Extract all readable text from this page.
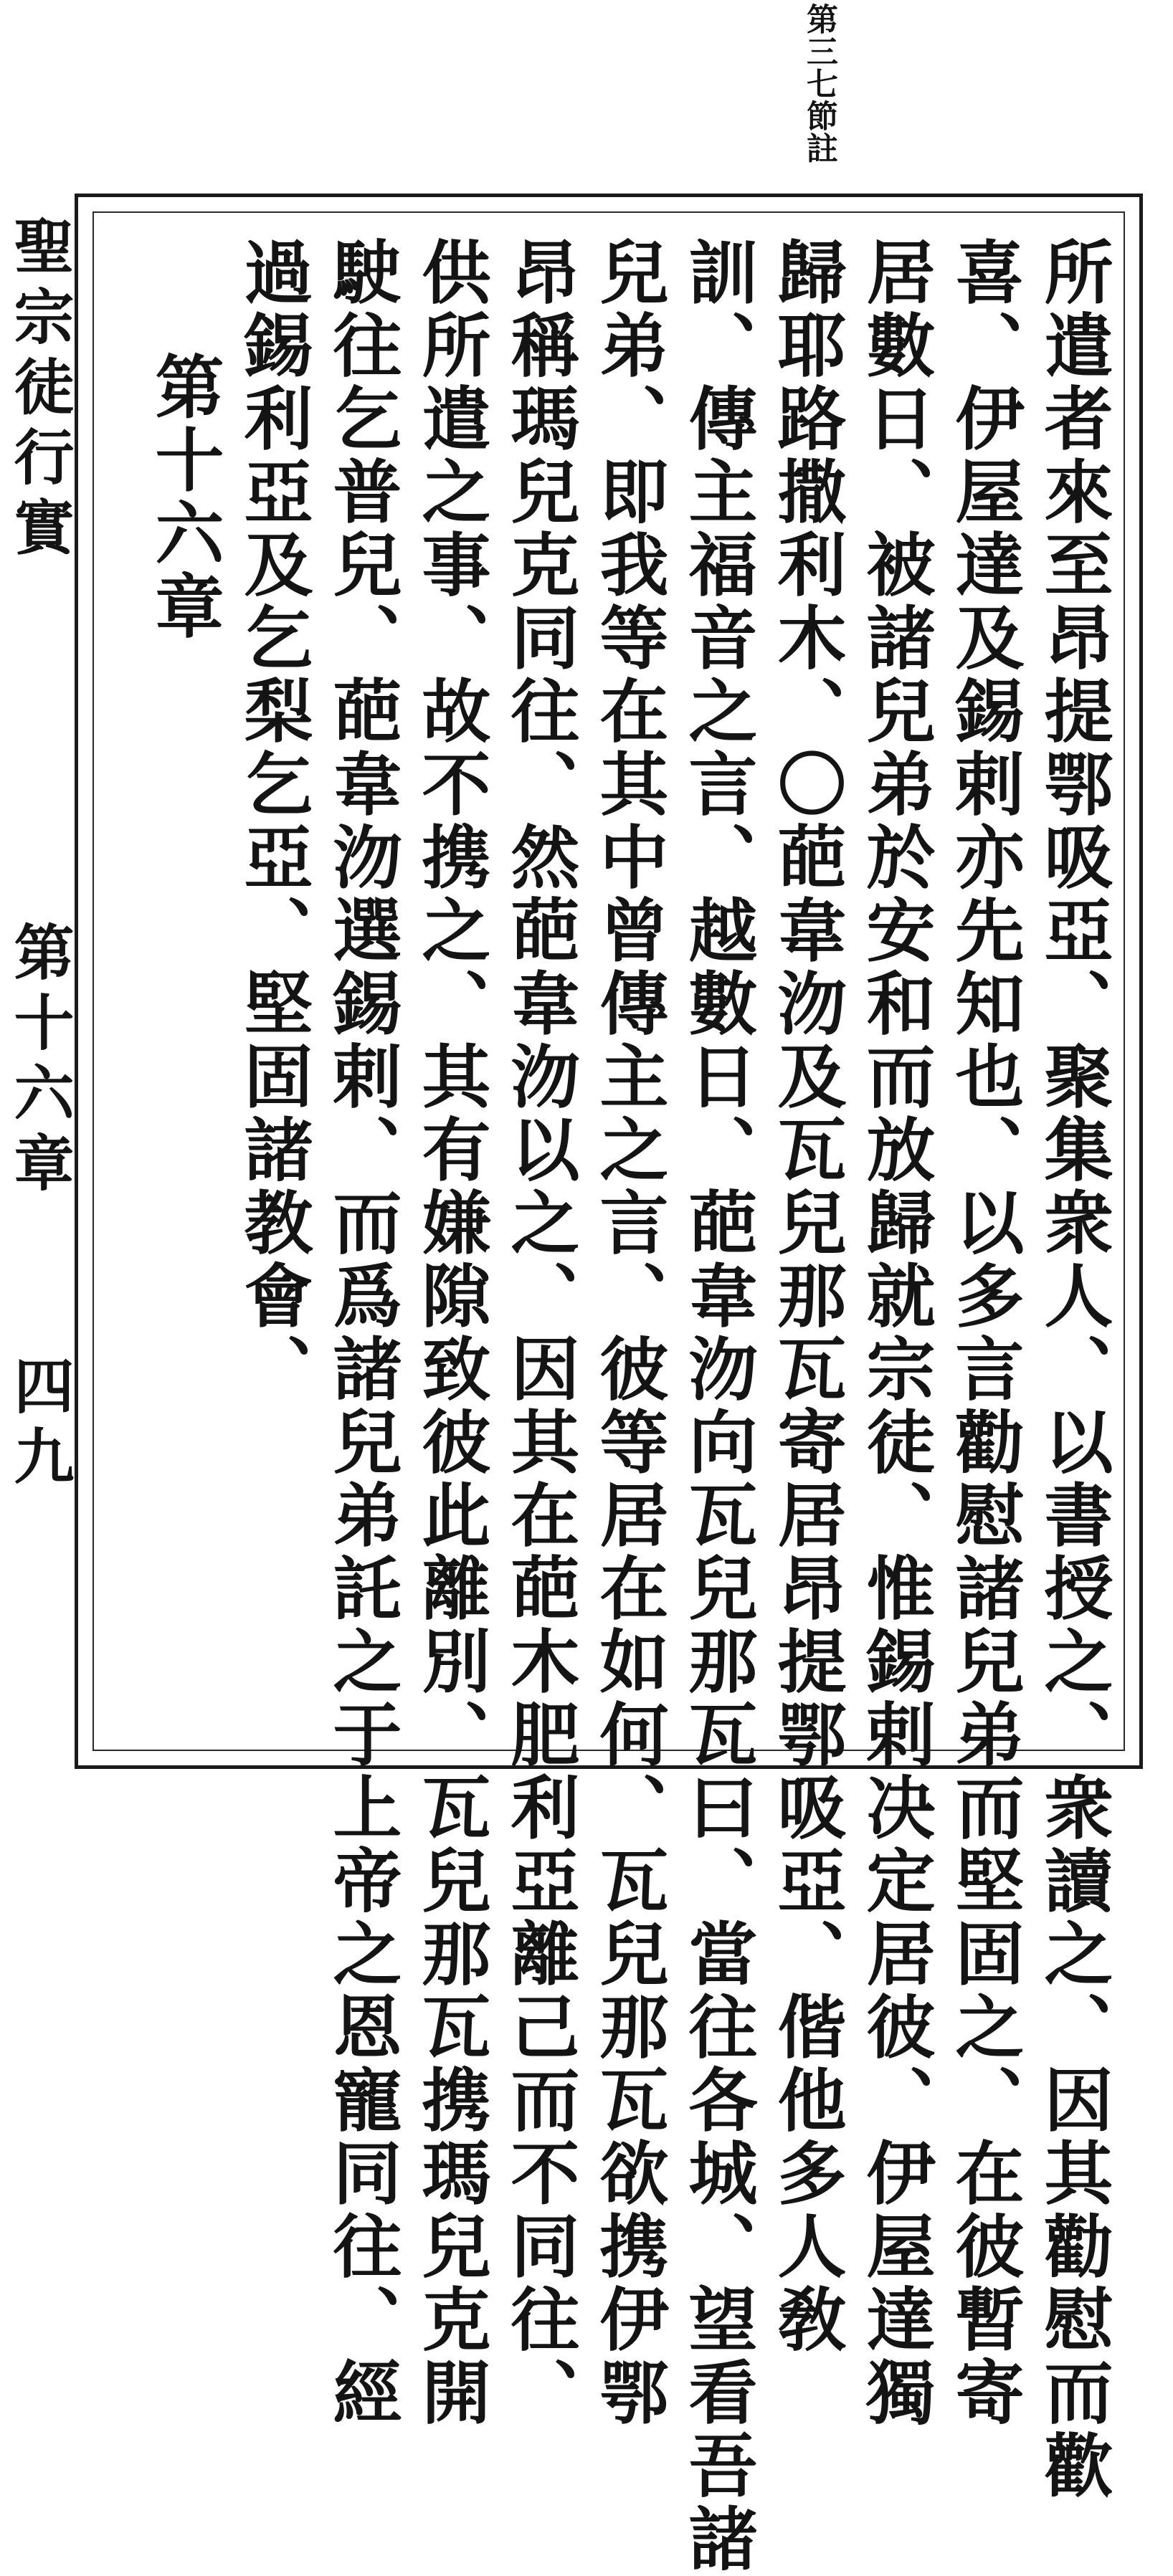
第三七節註
聖宗徒行實
第十六章
四九	所遣者來至昂提鄂吸亞、聚集衆人、以書授之、衆讀之、因其勸慰而歡
喜、伊屋達及錫剌亦先知也、以多言勸慰諸兒弟而堅固之、在彼暫寄
居數日、被諸兒弟於安和而放歸就宗徒、惟錫剌决定居彼、伊屋達獨
歸耶路撒利木、〇葩韋沕及瓦兒那瓦寄居昂提鄂吸亞、偕他多人敎
訓、傳主福音之言、越數日、葩韋沕向瓦兒那瓦曰、當往各城、望看吾諸
兒弟、即我等在其中曾傳主之言、彼等居在如何、瓦兒那瓦欲携伊鄂
昂稱瑪兒克同往、然葩韋沕以之、因其在葩木肥利亞離己而不同往、
供所遣之事、故不携之、其有嫌隙致彼此離別、瓦兒那瓦携瑪兒克開
駛往乞普兒、葩韋沕選錫剌、而爲諸兒弟託之于上帝之恩寵同往、經
過錫利亞及乞梨乞亞、堅固諸教會、
第十六章
